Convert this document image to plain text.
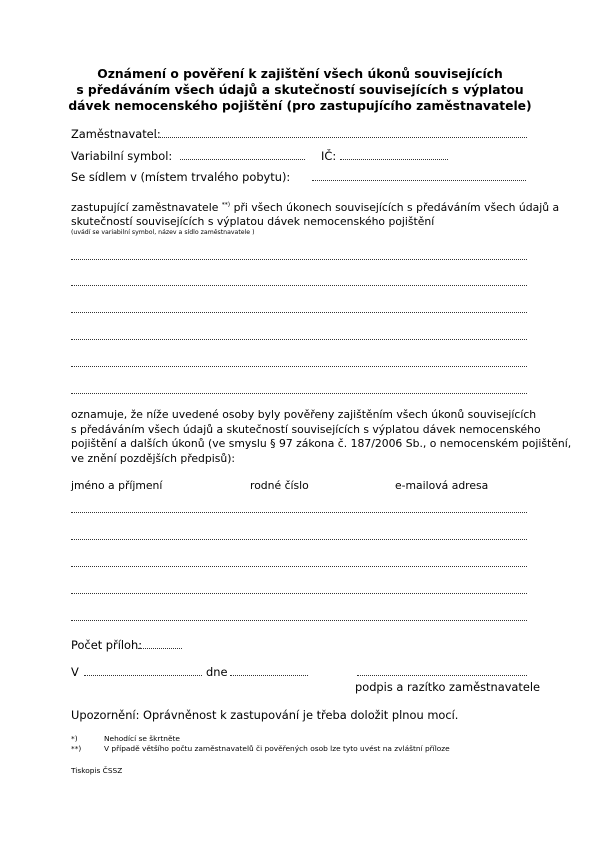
Oznámení o pověření k zajištění všech úkonů souvisejících
s předáváním všech údajů a skutečností souvisejících s výplatou
dávek nemocenského pojištění (pro zastupujícího zaměstnavatele)
Zaměstnavatel:
Variabilní symbol:	IČ:
Se sídlem v (místem trvalého pobytu):
zastupující zaměstnavatele **) při všech úkonech souvisejících s předáváním všech údajů a
skutečností souvisejících s výplatou dávek nemocenského pojištění
(uvádí se variabilní symbol, název a sídlo zaměstnavatele )
oznamuje, že níže uvedené osoby byly pověřeny zajištěním všech úkonů souvisejících
s předáváním všech údajů a skutečností souvisejících s výplatou dávek nemocenského
pojištění a dalších úkonů (ve smyslu § 97 zákona č. 187/2006 Sb., o nemocenském pojištění,
ve znění pozdějších předpisů):
jméno a příjmení	rodné číslo	e-mailová adresa
Počet příloh:
V	dne
podpis a razítko zaměstnavatele
Upozornění: Oprávněnost k zastupování je třeba doložit plnou mocí.
*)	Nehodící se škrtněte
**)	V případě většího počtu zaměstnavatelů či pověřených osob lze tyto uvést na zvláštní příloze
Tiskopis ČSSZ
